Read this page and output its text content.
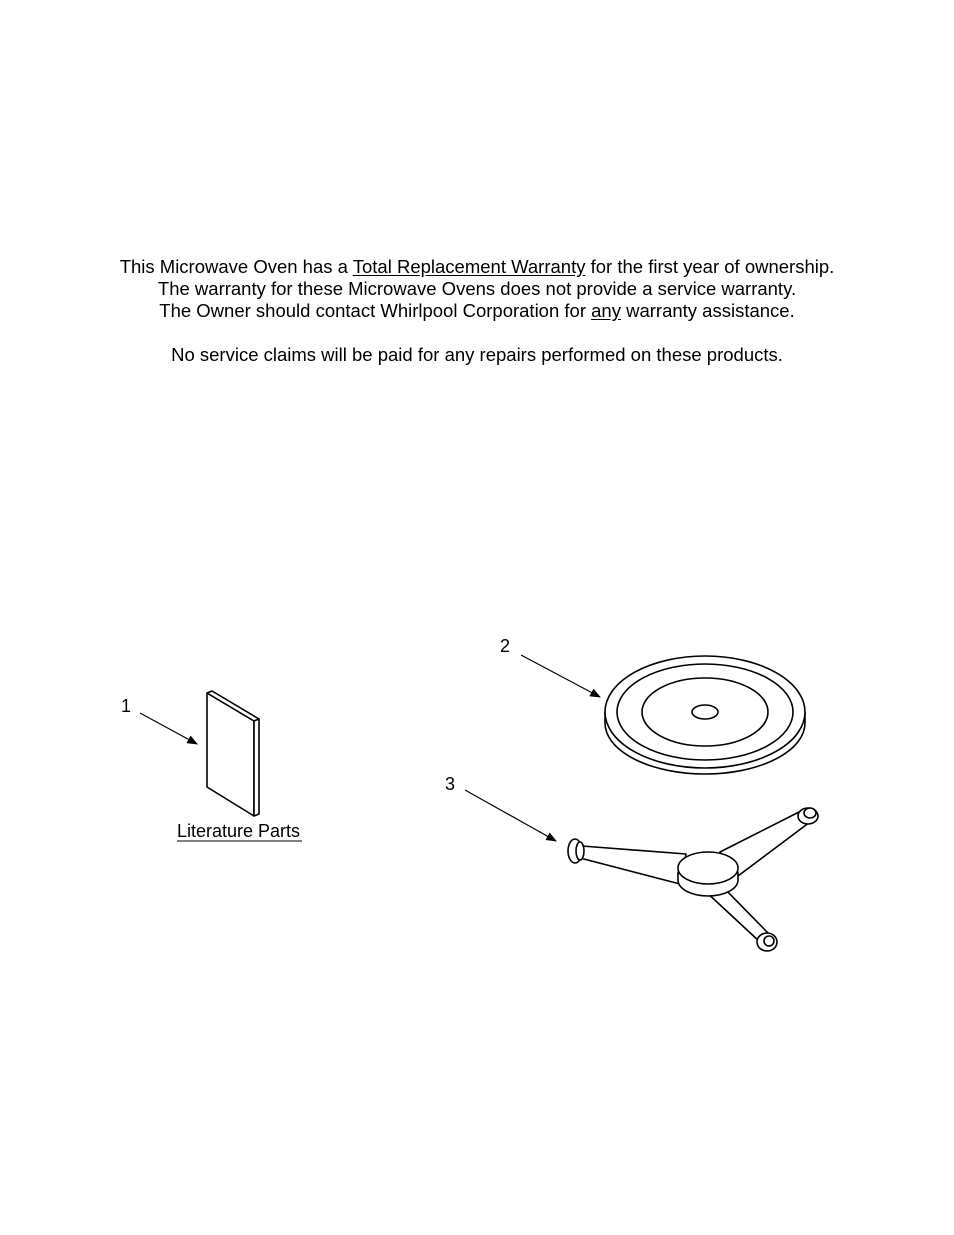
This Microwave Oven has a Total Replacement Warranty for the first year of ownership.
The warranty for these Microwave Ovens does not provide a service warranty.
The Owner should contact Whirlpool Corporation for any warranty assistance.
No service claims will be paid for any repairs performed on these products.
1
Literature Parts
2
3
